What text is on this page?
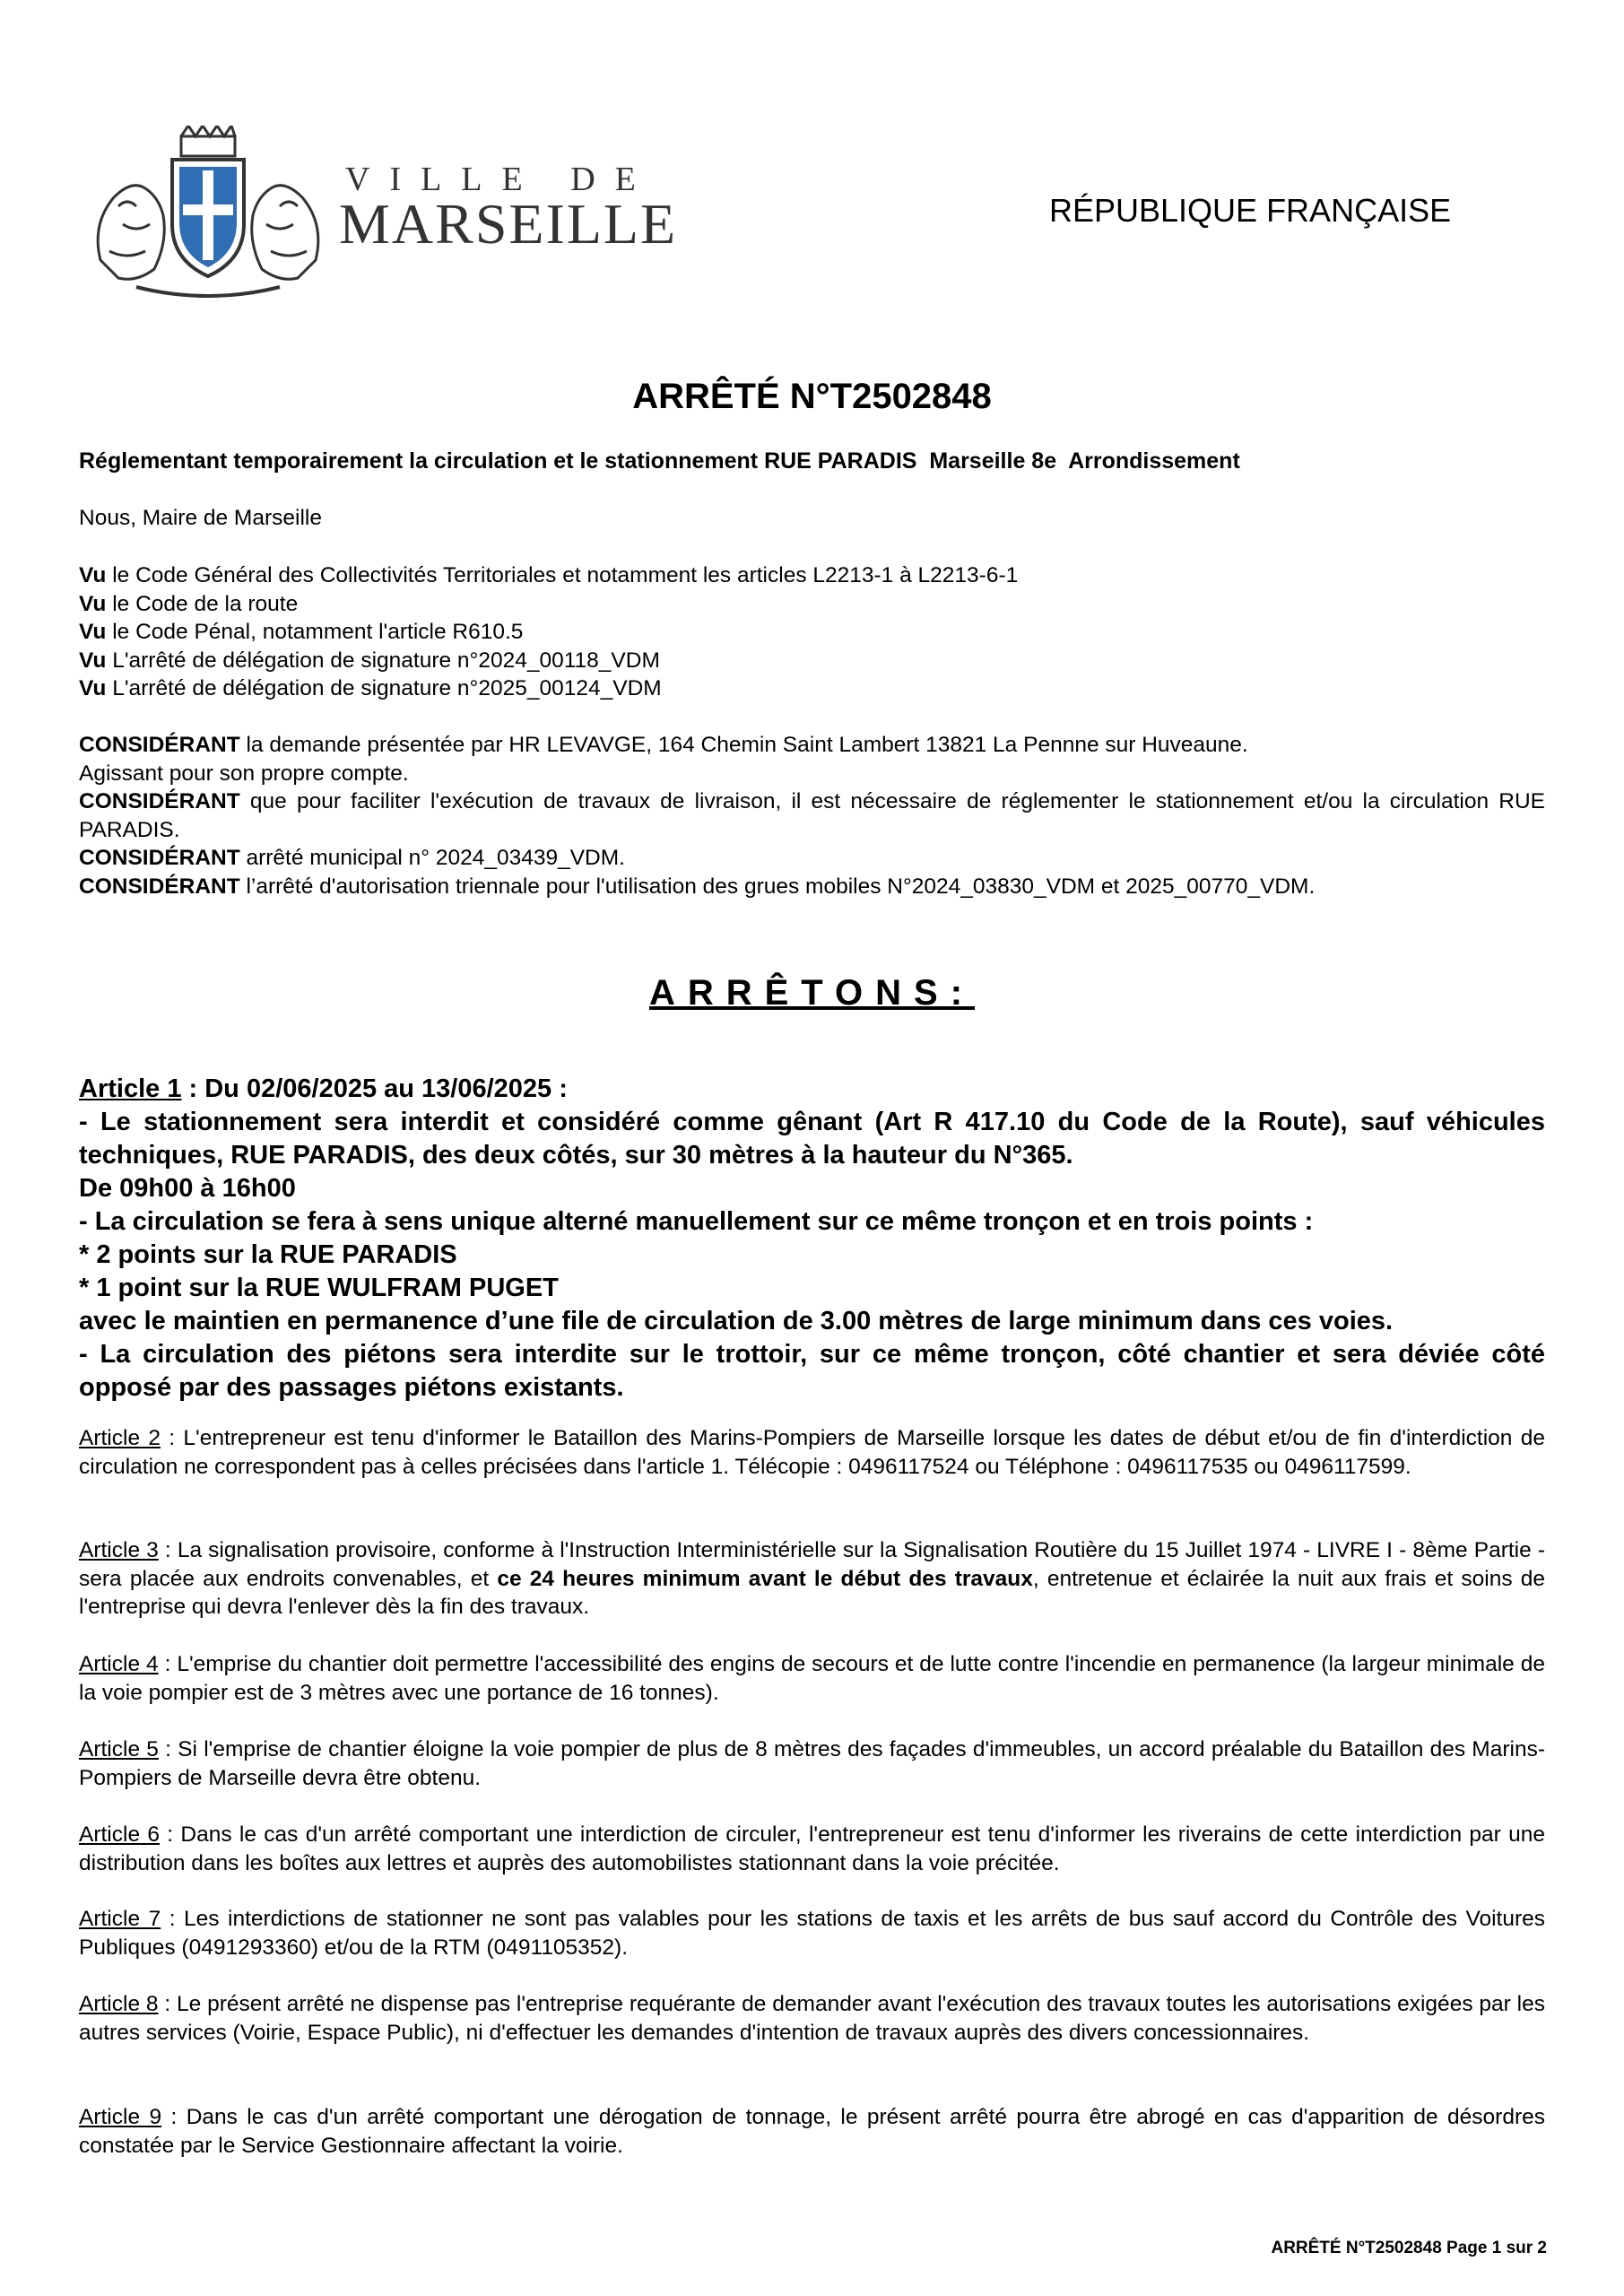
VILLE DE
MARSEILLE	RÉPUBLIQUE FRANÇAISE
ARRÊTÉ N°T2502848
Réglementant temporairement la circulation et le stationnement RUE PARADIS  Marseille 8e  Arrondissement

Nous, Maire de Marseille

Vu le Code Général des Collectivités Territoriales et notamment les articles L2213-1 à L2213-6-1

Vu le Code de la route

Vu le Code Pénal, notamment l'article R610.5

Vu L'arrêté de délégation de signature n°2024_00118_VDM

Vu L'arrêté de délégation de signature n°2025_00124_VDM

CONSIDÉRANT la demande présentée par HR LEVAVGE, 164 Chemin Saint Lambert 13821 La Pennne sur Huveaune.

Agissant pour son propre compte.

CONSIDÉRANT que pour faciliter l'exécution de travaux de livraison, il est nécessaire de réglementer le stationnement et/ou la circulation RUE PARADIS.

CONSIDÉRANT arrêté municipal n° 2024_03439_VDM.

CONSIDÉRANT l’arrêté d'autorisation triennale pour l'utilisation des grues mobiles N°2024_03830_VDM et 2025_00770_VDM.

ARRÊTONS:

Article 1 : Du 02/06/2025 au 13/06/2025 :

- Le stationnement sera interdit et considéré comme gênant (Art R 417.10 du Code de la Route), sauf véhicules techniques, RUE PARADIS, des deux côtés, sur 30 mètres à la hauteur du N°365.

De 09h00 à 16h00

- La circulation se fera à sens unique alterné manuellement sur ce même tronçon et en trois points :

* 2 points sur la RUE PARADIS

* 1 point sur la RUE WULFRAM PUGET

avec le maintien en permanence d’une file de circulation de 3.00 mètres de large minimum dans ces voies.

- La circulation des piétons sera interdite sur le trottoir, sur ce même tronçon, côté chantier et sera déviée côté opposé par des passages piétons existants.

Article 2 : L'entrepreneur est tenu d'informer le Bataillon des Marins-Pompiers de Marseille lorsque les dates de début et/ou de fin d'interdiction de circulation ne correspondent pas à celles précisées dans l'article 1. Télécopie : 0496117524 ou Téléphone : 0496117535 ou 0496117599.

Article 3 : La signalisation provisoire, conforme à l'Instruction Interministérielle sur la Signalisation Routière du 15 Juillet 1974 - LIVRE I - 8ème Partie - sera placée aux endroits convenables, et ce 24 heures minimum avant le début des travaux, entretenue et éclairée la nuit aux frais et soins de l'entreprise qui devra l'enlever dès la fin des travaux.

Article 4 : L'emprise du chantier doit permettre l'accessibilité des engins de secours et de lutte contre l'incendie en permanence (la largeur minimale de la voie pompier est de 3 mètres avec une portance de 16 tonnes).

Article 5 : Si l'emprise de chantier éloigne la voie pompier de plus de 8 mètres des façades d'immeubles, un accord préalable du Bataillon des Marins-Pompiers de Marseille devra être obtenu.

Article 6 : Dans le cas d'un arrêté comportant une interdiction de circuler, l'entrepreneur est tenu d'informer les riverains de cette interdiction par une distribution dans les boîtes aux lettres et auprès des automobilistes stationnant dans la voie précitée.

Article 7 : Les interdictions de stationner ne sont pas valables pour les stations de taxis et les arrêts de bus sauf accord du Contrôle des Voitures Publiques (0491293360) et/ou de la RTM (0491105352).

Article 8 : Le présent arrêté ne dispense pas l'entreprise requérante de demander avant l'exécution des travaux toutes les autorisations exigées par les autres services (Voirie, Espace Public), ni d'effectuer les demandes d'intention de travaux auprès des divers concessionnaires.

Article 9 : Dans le cas d'un arrêté comportant une dérogation de tonnage, le présent arrêté pourra être abrogé en cas d'apparition de désordres constatée par le Service Gestionnaire affectant la voirie.

ARRÊTÉ N°T2502848 Page 1 sur 2
